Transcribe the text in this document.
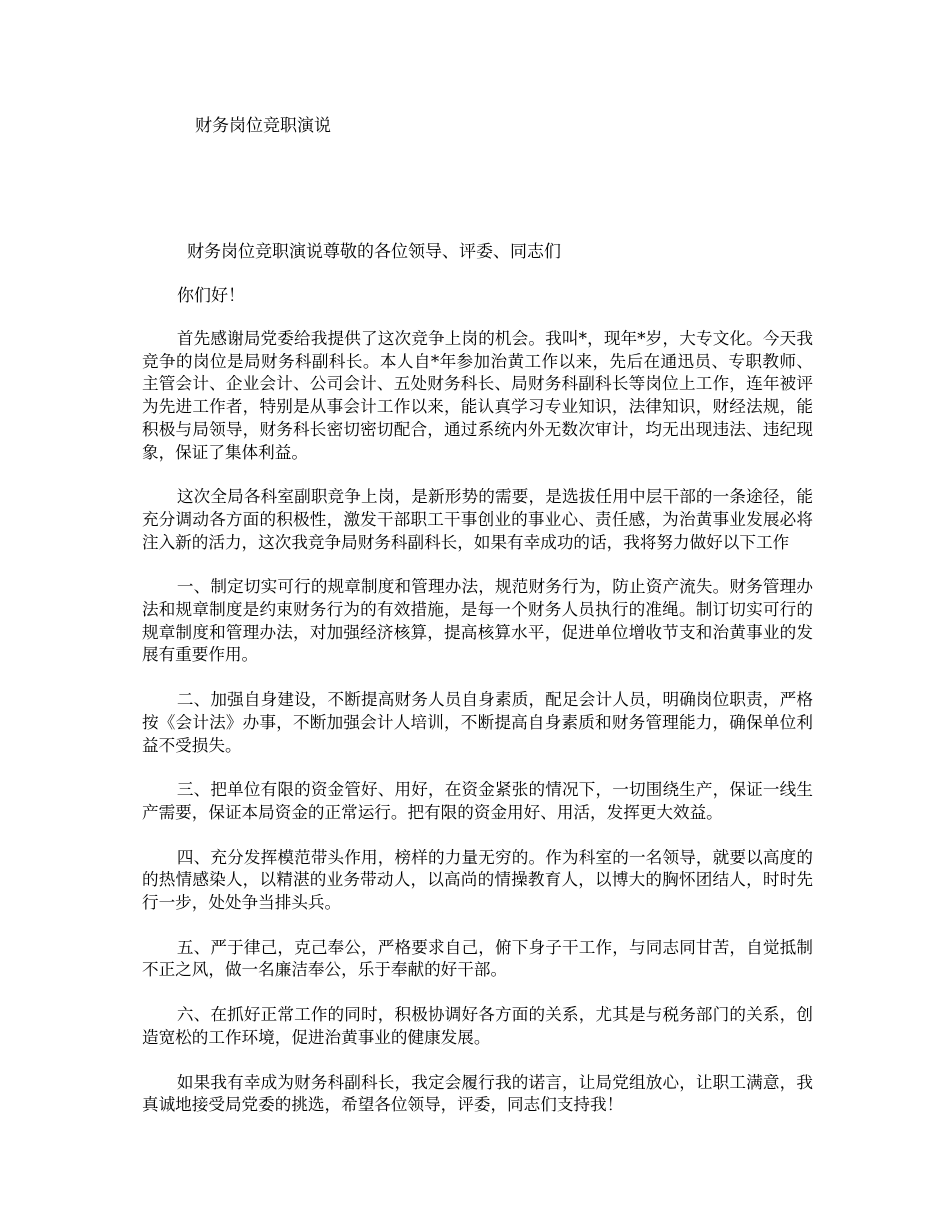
财务岗位竞职演说
财务岗位竞职演说尊敬的各位领导、评委、同志们
你们好！

首先感谢局党委给我提供了这次竞争上岗的机会。我叫*，现年*岁，大专文化。今天我竞争的岗位是局财务科副科长。本人自*年参加治黄工作以来，先后在通迅员、专职教师、主管会计、企业会计、公司会计、五处财务科长、局财务科副科长等岗位上工作，连年被评为先进工作者，特别是从事会计工作以来，能认真学习专业知识，法律知识，财经法规，能积极与局领导，财务科长密切密切配合，通过系统内外无数次审计，均无出现违法、违纪现象，保证了集体利益。

这次全局各科室副职竞争上岗，是新形势的需要，是选拔任用中层干部的一条途径，能充分调动各方面的积极性，激发干部职工干事创业的事业心、责任感，为治黄事业发展必将注入新的活力，这次我竞争局财务科副科长，如果有幸成功的话，我将努力做好以下工作

一、制定切实可行的规章制度和管理办法，规范财务行为，防止资产流失。财务管理办法和规章制度是约束财务行为的有效措施，是每一个财务人员执行的准绳。制订切实可行的规章制度和管理办法，对加强经济核算，提高核算水平，促进单位增收节支和治黄事业的发展有重要作用。

二、加强自身建设，不断提高财务人员自身素质，配足会计人员，明确岗位职责，严格按《会计法》办事，不断加强会计人培训，不断提高自身素质和财务管理能力，确保单位利益不受损失。

三、把单位有限的资金管好、用好，在资金紧张的情况下，一切围绕生产，保证一线生产需要，保证本局资金的正常运行。把有限的资金用好、用活，发挥更大效益。

四、充分发挥模范带头作用，榜样的力量无穷的。作为科室的一名领导，就要以高度的的热情感染人，以精湛的业务带动人，以高尚的情操教育人，以博大的胸怀团结人，时时先行一步，处处争当排头兵。

五、严于律己，克己奉公，严格要求自己，俯下身子干工作，与同志同甘苦，自觉抵制不正之风，做一名廉洁奉公，乐于奉献的好干部。

六、在抓好正常工作的同时，积极协调好各方面的关系，尤其是与税务部门的关系，创造宽松的工作环境，促进治黄事业的健康发展。

如果我有幸成为财务科副科长，我定会履行我的诺言，让局党组放心，让职工满意，我真诚地接受局党委的挑选，希望各位领导，评委，同志们支持我！
